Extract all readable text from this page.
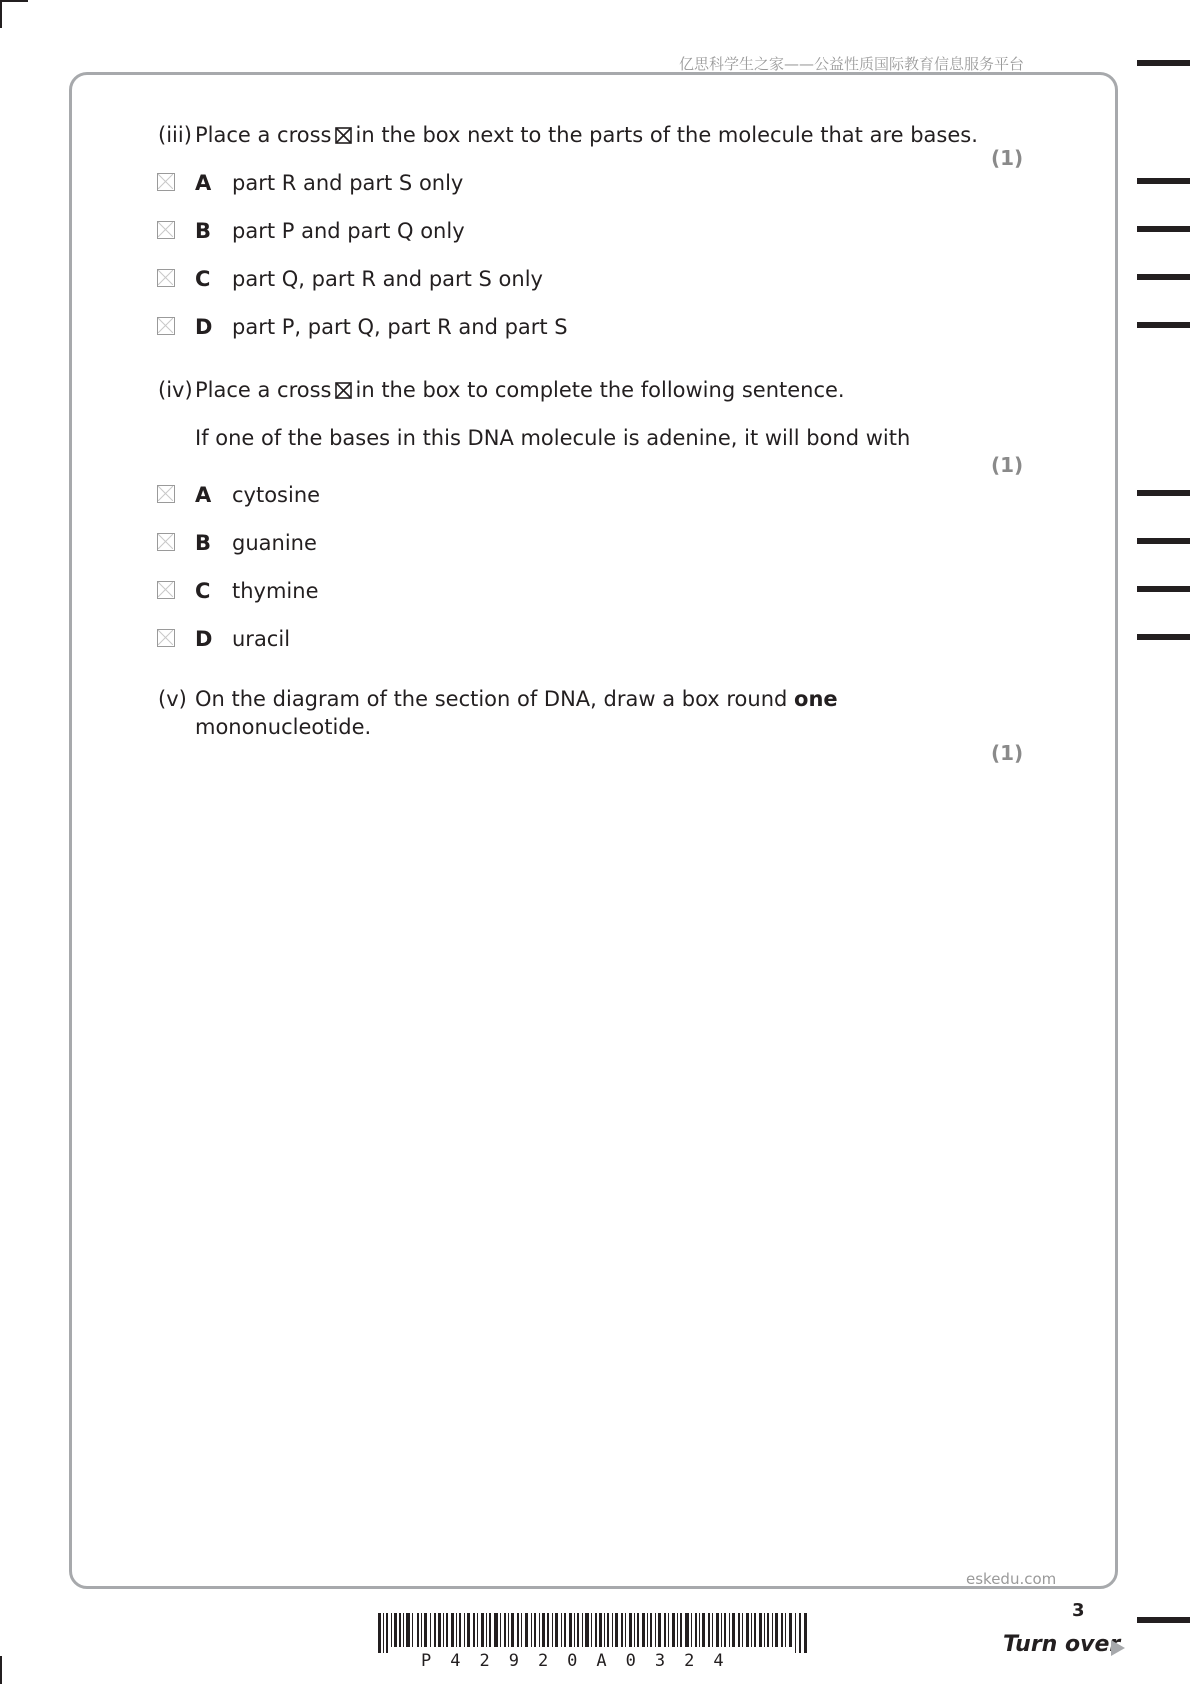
亿思科学生之家——公益性质国际教育信息服务平台
(iii) Place a cross ☒ in the box next to the parts of the molecule that are bases.
(1)
A part R and part S only
B part P and part Q only
C part Q, part R and part S only
D part P, part Q, part R and part S
(iv) Place a cross ☒ in the box to complete the following sentence.
If one of the bases in this DNA molecule is adenine, it will bond with
(1)
A cytosine
B guanine
C thymine
D uracil
(v) On the diagram of the section of DNA, draw a box round one
mononucleotide.
(1)
eskedu.com
3
Turn over
P42920A0324
